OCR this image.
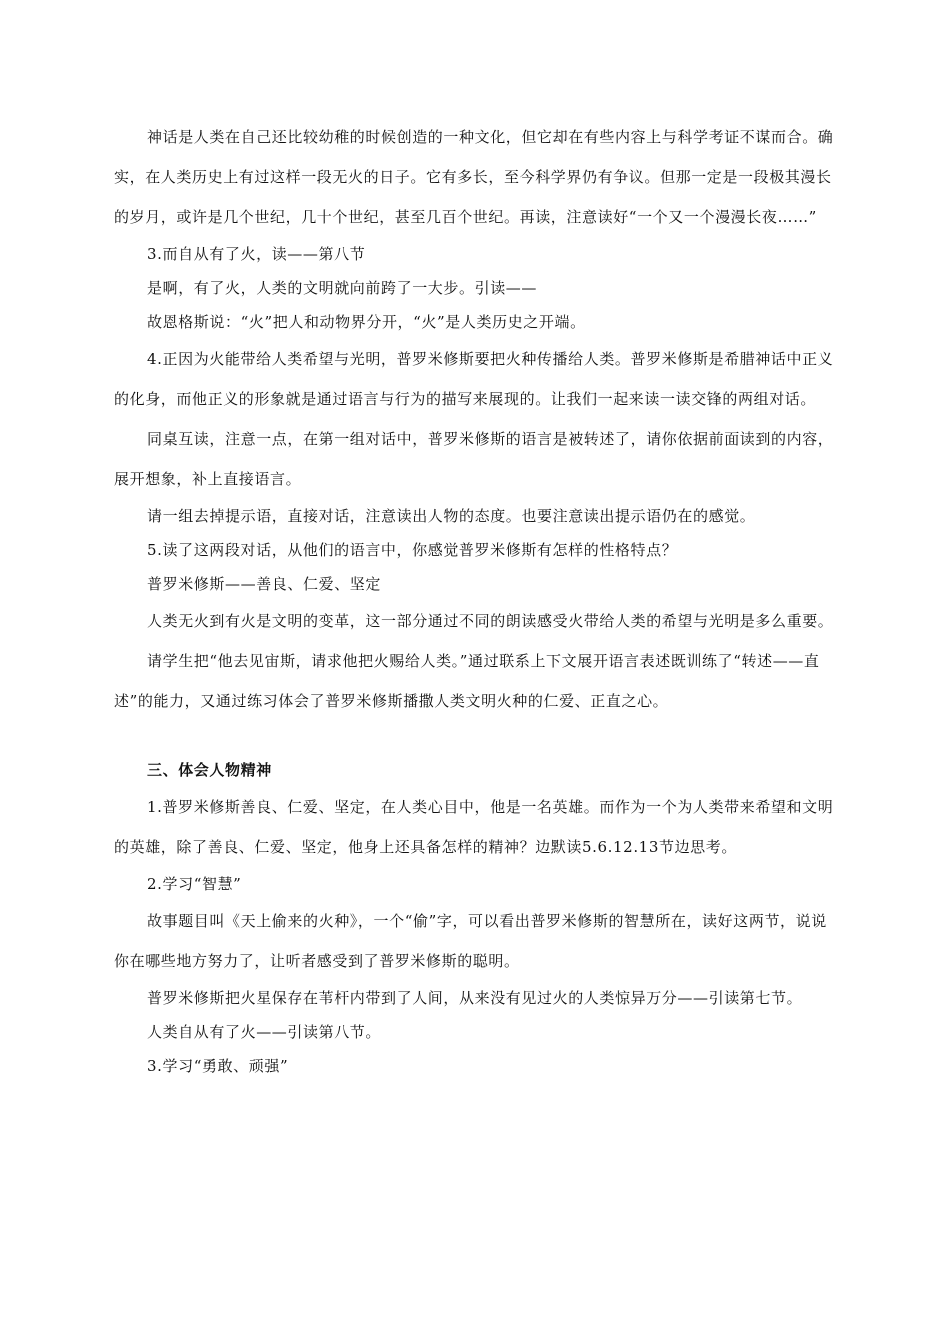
神话是人类在自己还比较幼稚的时候创造的一种文化，但它却在有些内容上与科学考证不谋而合。确实，在人类历史上有过这样一段无火的日子。它有多长，至今科学界仍有争议。但那一定是一段极其漫长的岁月，或许是几个世纪，几十个世纪，甚至几百个世纪。再读，注意读好“一个又一个漫漫长夜……”

3.而自从有了火，读——第八节

是啊，有了火，人类的文明就向前跨了一大步。引读——

故恩格斯说：“火”把人和动物界分开，“火”是人类历史之开端。

4.正因为火能带给人类希望与光明，普罗米修斯要把火种传播给人类。普罗米修斯是希腊神话中正义的化身，而他正义的形象就是通过语言与行为的描写来展现的。让我们一起来读一读交锋的两组对话。

同桌互读，注意一点，在第一组对话中，普罗米修斯的语言是被转述了，请你依据前面读到的内容，展开想象，补上直接语言。

请一组去掉提示语，直接对话，注意读出人物的态度。也要注意读出提示语仍在的感觉。

5.读了这两段对话，从他们的语言中，你感觉普罗米修斯有怎样的性格特点？

普罗米修斯——善良、仁爱、坚定

人类无火到有火是文明的变革，这一部分通过不同的朗读感受火带给人类的希望与光明是多么重要。

请学生把“他去见宙斯，请求他把火赐给人类。”通过联系上下文展开语言表述既训练了“转述——直述”的能力，又通过练习体会了普罗米修斯播撒人类文明火种的仁爱、正直之心。

三、体会人物精神

1.普罗米修斯善良、仁爱、坚定，在人类心目中，他是一名英雄。而作为一个为人类带来希望和文明的英雄，除了善良、仁爱、坚定，他身上还具备怎样的精神？边默读5.6.12.13节边思考。

2.学习“智慧”

故事题目叫《天上偷来的火种》，一个“偷”字，可以看出普罗米修斯的智慧所在，读好这两节，说说你在哪些地方努力了，让听者感受到了普罗米修斯的聪明。

普罗米修斯把火星保存在苇杆内带到了人间，从来没有见过火的人类惊异万分——引读第七节。

人类自从有了火——引读第八节。

3.学习“勇敢、顽强”
